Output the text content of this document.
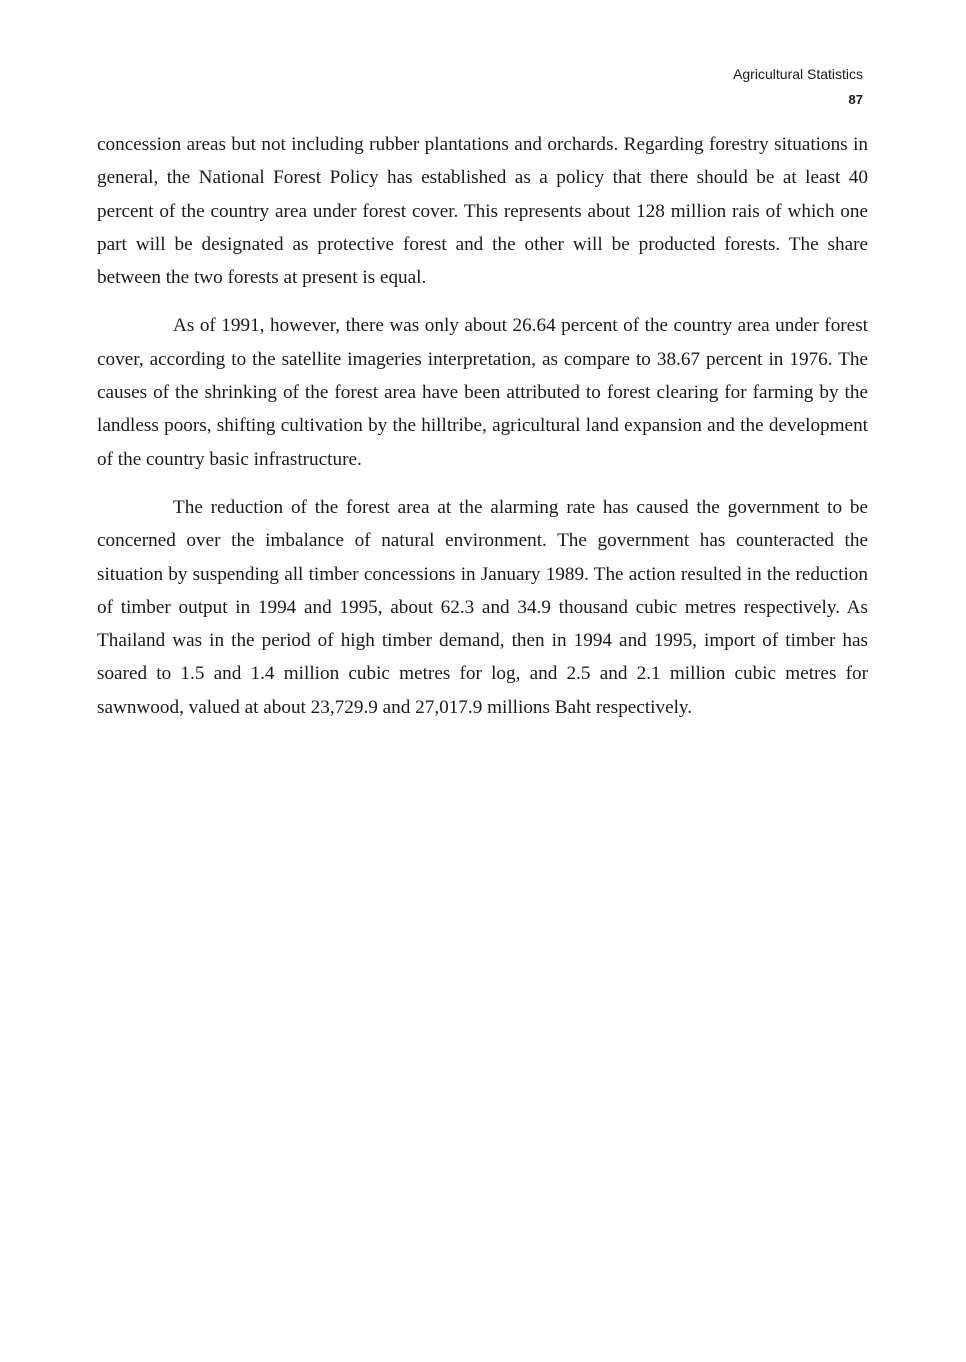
Agricultural Statistics
87

concession areas but not including rubber plantations and orchards. Regarding forestry situations in general, the National Forest Policy has established as a policy that there should be at least 40 percent of the country area under forest cover. This represents about 128 million rais of which one part will be designated as protective forest and the other will be producted forests. The share between the two forests at present is equal.

As of 1991, however, there was only about 26.64 percent of the country area under forest cover, according to the satellite imageries interpretation, as compare to 38.67 percent in 1976. The causes of the shrinking of the forest area have been attributed to forest clearing for farming by the landless poors, shifting cultivation by the hilltribe, agricultural land expansion and the development of the country basic infrastructure.

The reduction of the forest area at the alarming rate has caused the government to be concerned over the imbalance of natural environment. The government has counteracted the situation by suspending all timber concessions in January 1989. The action resulted in the reduction of timber output in 1994 and 1995, about 62.3 and 34.9 thousand cubic metres respectively. As Thailand was in the period of high timber demand, then in 1994 and 1995, import of timber has soared to 1.5 and 1.4 million cubic metres for log, and 2.5 and 2.1 million cubic metres for sawnwood, valued at about 23,729.9 and 27,017.9 millions Baht respectively.
